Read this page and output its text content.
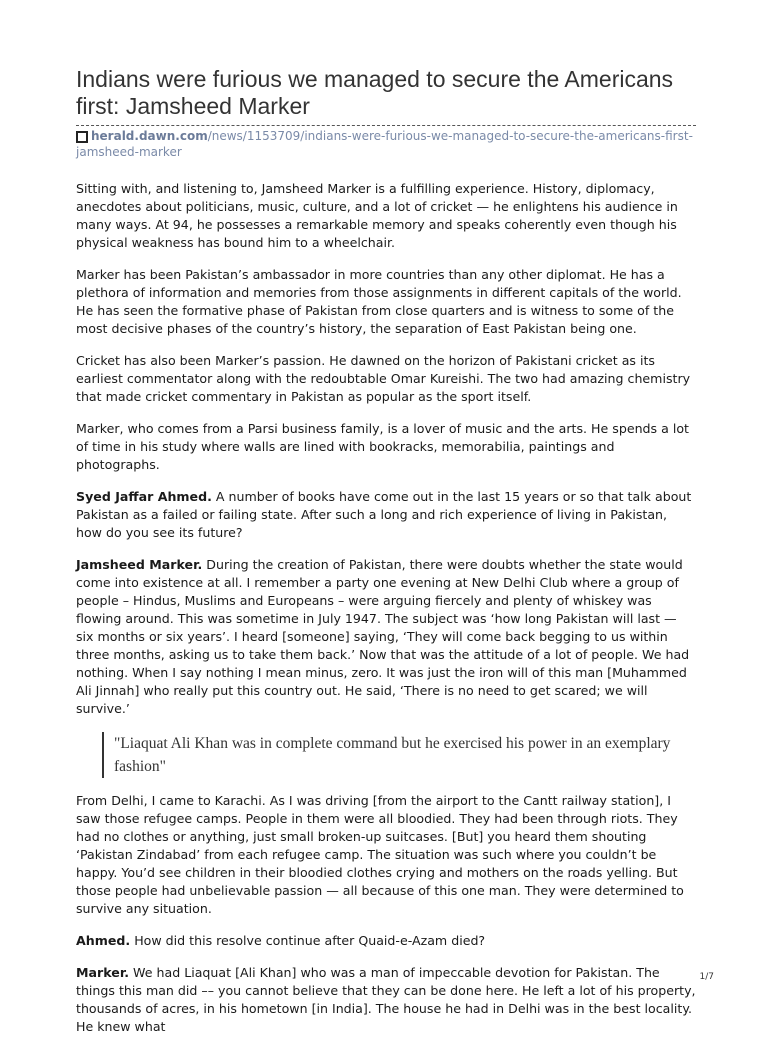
Indians were furious we managed to secure the Americans first: Jamsheed Marker
herald.dawn.com/news/1153709/indians-were-furious-we-managed-to-secure-the-americans-first-jamsheed-marker

Sitting with, and listening to, Jamsheed Marker is a fulfilling experience. History, diplomacy, anecdotes about politicians, music, culture, and a lot of cricket — he enlightens his audience in many ways. At 94, he possesses a remarkable memory and speaks coherently even though his physical weakness has bound him to a wheelchair.

Marker has been Pakistan’s ambassador in more countries than any other diplomat. He has a plethora of information and memories from those assignments in different capitals of the world. He has seen the formative phase of Pakistan from close quarters and is witness to some of the most decisive phases of the country’s history, the separation of East Pakistan being one.

Cricket has also been Marker’s passion. He dawned on the horizon of Pakistani cricket as its earliest commentator along with the redoubtable Omar Kureishi. The two had amazing chemistry that made cricket commentary in Pakistan as popular as the sport itself.

Marker, who comes from a Parsi business family, is a lover of music and the arts. He spends a lot of time in his study where walls are lined with bookracks, memorabilia, paintings and photographs.

Syed Jaffar Ahmed. A number of books have come out in the last 15 years or so that talk about Pakistan as a failed or failing state. After such a long and rich experience of living in Pakistan, how do you see its future?

Jamsheed Marker. During the creation of Pakistan, there were doubts whether the state would come into existence at all. I remember a party one evening at New Delhi Club where a group of people – Hindus, Muslims and Europeans – were arguing fiercely and plenty of whiskey was flowing around. This was sometime in July 1947. The subject was ‘how long Pakistan will last — six months or six years’. I heard [someone] saying, ‘They will come back begging to us within three months, asking us to take them back.’ Now that was the attitude of a lot of people. We had nothing. When I say nothing I mean minus, zero. It was just the iron will of this man [Muhammed Ali Jinnah] who really put this country out. He said, ‘There is no need to get scared; we will survive.’

"Liaquat Ali Khan was in complete command but he exercised his power in an exemplary fashion"

From Delhi, I came to Karachi. As I was driving [from the airport to the Cantt railway station], I saw those refugee camps. People in them were all bloodied. They had been through riots. They had no clothes or anything, just small broken-up suitcases. [But] you heard them shouting ‘Pakistan Zindabad’ from each refugee camp. The situation was such where you couldn’t be happy. You’d see children in their bloodied clothes crying and mothers on the roads yelling. But those people had unbelievable passion — all because of this one man. They were determined to survive any situation.

Ahmed. How did this resolve continue after Quaid-e-Azam died?

Marker. We had Liaquat [Ali Khan] who was a man of impeccable devotion for Pakistan. The things this man did –– you cannot believe that they can be done here. He left a lot of his property, thousands of acres, in his hometown [in India]. The house he had in Delhi was in the best locality. He knew what

1/7
